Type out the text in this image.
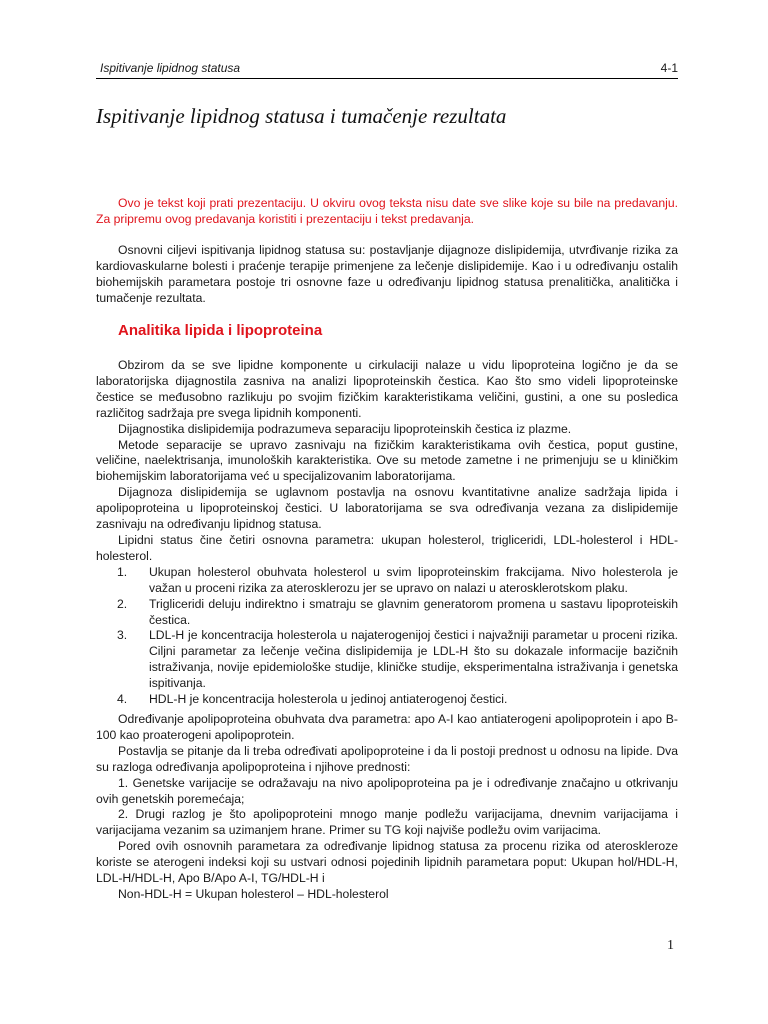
Ispitivanje lipidnog statusa	4-1
Ispitivanje lipidnog statusa i tumačenje rezultata

Ovo je tekst koji prati prezentaciju. U okviru ovog teksta nisu date sve slike koje su bile na predavanju. Za pripremu ovog predavanja koristiti i prezentaciju i tekst predavanja.

Osnovni ciljevi ispitivanja lipidnog statusa su: postavljanje dijagnoze dislipidemija, utvrđivanje rizika za kardiovaskularne bolesti i praćenje terapije primenjene za lečenje dislipidemije. Kao i u određivanju ostalih biohemijskih parametara postoje tri osnovne faze u određivanju lipidnog statusa prenalitička, analitička i tumačenje rezultata.

Analitika lipida i lipoproteina

Obzirom da se sve lipidne komponente u cirkulaciji nalaze u vidu lipoproteina logično je da se laboratorijska dijagnostila zasniva na analizi lipoproteinskih čestica. Kao što smo videli lipoproteinske čestice se međusobno razlikuju po svojim fizičkim karakteristikama veličini, gustini, a one su posledica različitog sadržaja pre svega lipidnih komponenti.

Dijagnostika dislipidemija podrazumeva separaciju lipoproteinskih čestica iz plazme.

Metode separacije se upravo zasnivaju na fizičkim karakteristikama ovih čestica, poput gustine, veličine, naelektrisanja, imunoloških karakteristika. Ove su metode zametne i ne primenjuju se u kliničkim biohemijskim laboratorijama već u specijalizovanim laboratorijama.

Dijagnoza dislipidemija se uglavnom postavlja na osnovu kvantitativne analize sadržaja lipida i apolipoproteina u lipoproteinskoj čestici. U laboratorijama se sva određivanja vezana za dislipidemije zasnivaju na određivanju lipidnog statusa.

Lipidni status čine četiri osnovna parametra: ukupan holesterol, trigliceridi, LDL-holesterol i HDL-holesterol.

1. Ukupan holesterol obuhvata holesterol u svim lipoproteinskim frakcijama. Nivo holesterola je važan u proceni rizika za aterosklerozu jer se upravo on nalazi u aterosklerotskom plaku.
2. Trigliceridi deluju indirektno i smatraju se glavnim generatorom promena u sastavu lipoproteiskih čestica.
3. LDL-H je koncentracija holesterola u najaterogenijoj čestici i najvažniji parametar u proceni rizika. Ciljni parametar za lečenje večina dislipidemija je LDL-H što su dokazale informacije bazičnih istraživanja, novije epidemiološke studije, kliničke studije, eksperimentalna istraživanja i genetska ispitivanja.
4. HDL-H je koncentracija holesterola u jedinoj antiaterogenoj čestici.

Određivanje apolipoproteina obuhvata dva parametra: apo A-I kao antiaterogeni apolipoprotein i apo B-100 kao proaterogeni apolipoprotein.

Postavlja se pitanje da li treba određivati apolipoproteine i da li postoji prednost u odnosu na lipide. Dva su razloga određivanja apolipoproteina i njihove prednosti:

1. Genetske varijacije se odražavaju na nivo apolipoproteina pa je i određivanje značajno u otkrivanju ovih genetskih poremećaja;

2. Drugi razlog je što apolipoproteini mnogo manje podležu varijacijama, dnevnim varijacijama i varijacijama vezanim sa uzimanjem hrane. Primer su TG koji najviše podležu ovim varijacima.

Pored ovih osnovnih parametara za određivanje lipidnog statusa za procenu rizika od ateroskleroze koriste se aterogeni indeksi koji su ustvari odnosi pojedinih lipidnih parametara poput: Ukupan hol/HDL-H, LDL-H/HDL-H, Apo B/Apo A-I, TG/HDL-H i

Non-HDL-H = Ukupan holesterol – HDL-holesterol

1
